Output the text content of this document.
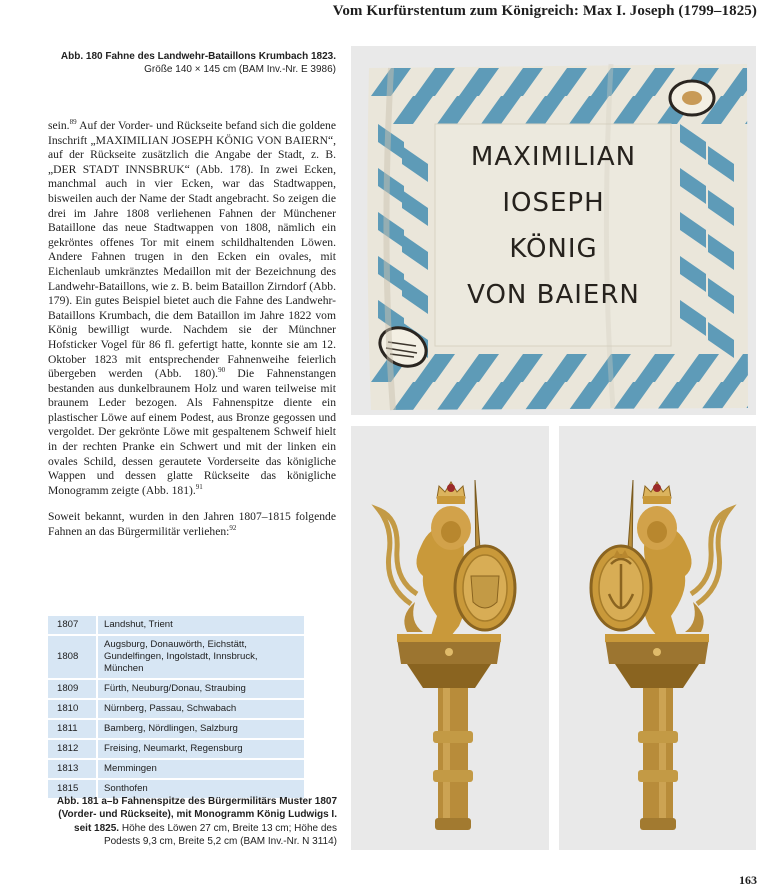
Vom Kurfürstentum zum Königreich: Max I. Joseph (1799–1825)
Abb. 180 Fahne des Landwehr-Bataillons Krumbach 1823.
Größe 140 × 145 cm (BAM Inv.-Nr. E 3986)

sein.$^{89}$ Auf der Vorder- und Rückseite befand sich die goldene Inschrift „MAXIMILIAN JOSEPH KÖNIG VON BAIERN“, auf der Rückseite zusätzlich die Angabe der Stadt, z. B. „DER STADT INNSBRUK“ (Abb. 178). In zwei Ecken, manchmal auch in vier Ecken, war das Stadtwappen, bisweilen auch der Name der Stadt angebracht. So zeigen die drei im Jahre 1808 verliehenen Fahnen der Münchener Bataillone das neue Stadtwappen von 1808, nämlich ein gekröntes offenes Tor mit einem schildhaltenden Löwen. Andere Fahnen trugen in den Ecken ein ovales, mit Eichenlaub umkränztes Medaillon mit der Bezeichnung des Landwehr-Bataillons, wie z. B. beim Bataillon Zirndorf (Abb. 179). Ein gutes Beispiel bietet auch die Fahne des Landwehr-Bataillons Krumbach, die dem Bataillon im Jahre 1822 vom König bewilligt wurde. Nachdem sie der Münchner Hofsticker Vogel für 86 fl. gefertigt hatte, konnte sie am 12. Oktober 1823 mit entsprechender Fahnenweihe feierlich übergeben werden (Abb. 180).$^{90}$ Die Fahnenstangen bestanden aus dunkelbraunem Holz und waren teilweise mit braunem Leder bezogen. Als Fahnenspitze diente ein plastischer Löwe auf einem Podest, aus Bronze gegossen und vergoldet. Der gekrönte Löwe mit gespaltenem Schweif hielt in der rechten Pranke ein Schwert und mit der linken ein ovales Schild, dessen gerautete Vorderseite das königliche Wappen und dessen glatte Rückseite das königliche Monogramm zeigte (Abb. 181).$^{91}$

Soweit bekannt, wurden in den Jahren 1807–1815 folgende Fahnen an das Bürgermilitär verliehen:$^{92}$

1807	Landshut, Trient
1808	Augsburg, Donauwörth, Eichstätt, Gundelfingen, Ingolstadt, Innsbruck, München
1809	Fürth, Neuburg/Donau, Straubing
1810	Nürnberg, Passau, Schwabach
1811	Bamberg, Nördlingen, Salzburg
1812	Freising, Neumarkt, Regensburg
1813	Memmingen
1815	Sonthofen
MAXIMILIAN
IOSEPH
KÖNIG
VON BAIERN
Abb. 181 a–b Fahnenspitze des Bürgermilitärs Muster 1807 (Vorder- und Rückseite), mit Monogramm König Ludwigs I. seit 1825. Höhe des Löwen 27 cm, Breite 13 cm; Höhe des Podests 9,3 cm, Breite 5,2 cm (BAM Inv.-Nr. N 3114)
163
